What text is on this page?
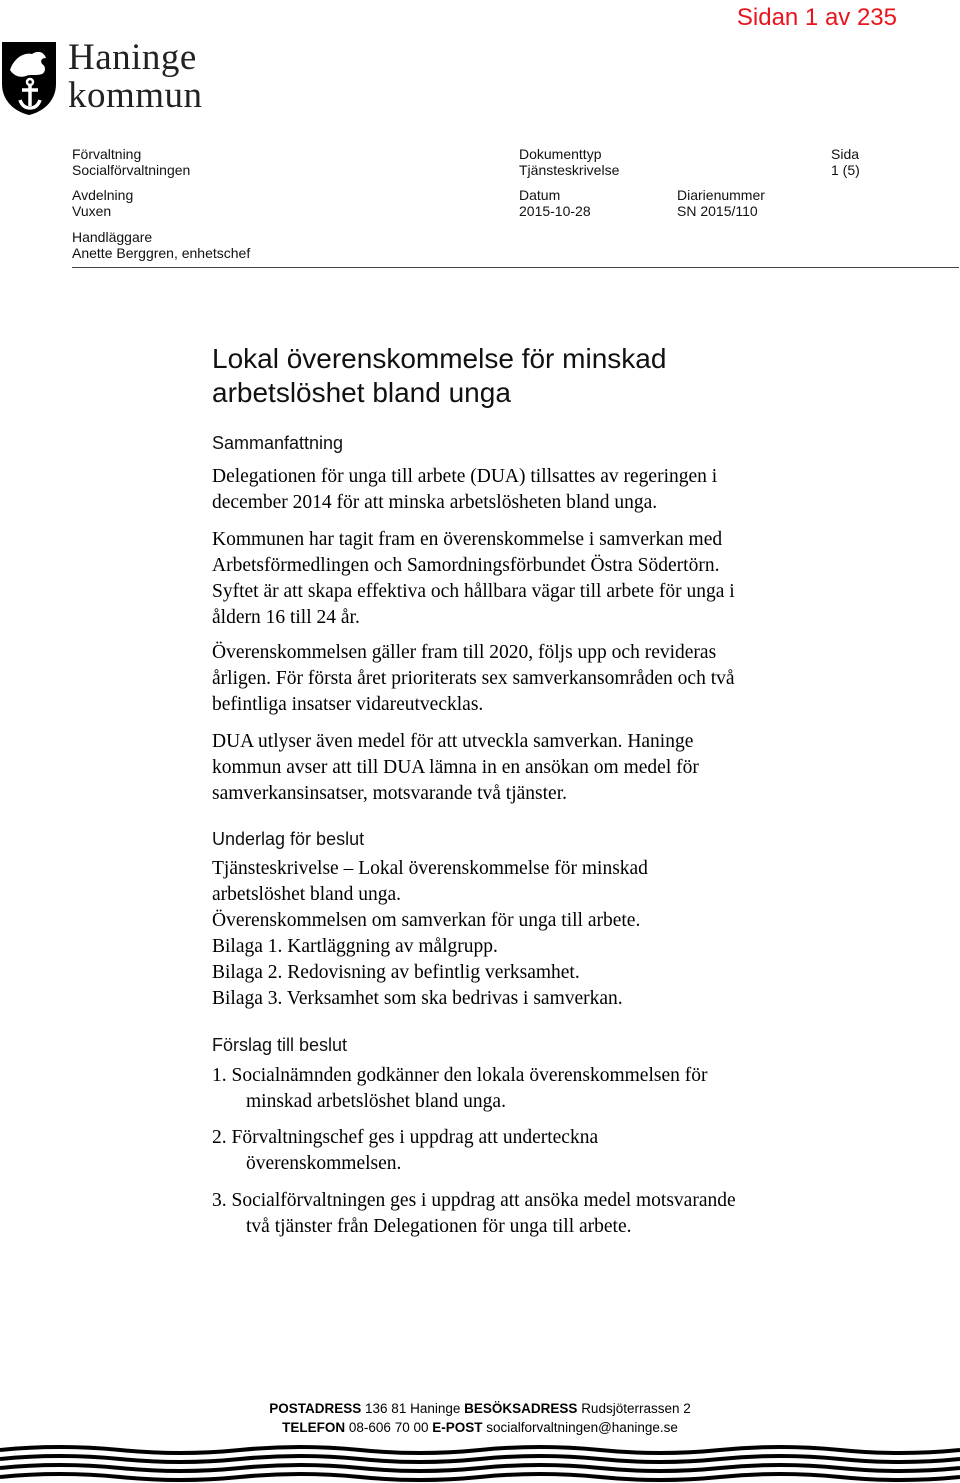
Sidan 1 av 235
Haninge
kommun
Förvaltning
Socialförvaltningen
Dokumenttyp
Tjänsteskrivelse
Sida
1 (5)
Avdelning
Vuxen
Datum
2015-10-28
Diarienummer
SN 2015/110
Handläggare
Anette Berggren, enhetschef
Lokal överenskommelse för minskad
arbetslöshet bland unga
Sammanfattning
Delegationen för unga till arbete (DUA) tillsattes av regeringen i
december 2014 för att minska arbetslösheten bland unga.
Kommunen har tagit fram en överenskommelse i samverkan med
Arbetsförmedlingen och Samordningsförbundet Östra Södertörn.
Syftet är att skapa effektiva och hållbara vägar till arbete för unga i
åldern 16 till 24 år.
Överenskommelsen gäller fram till 2020, följs upp och revideras
årligen. För första året prioriterats sex samverkansområden och två
befintliga insatser vidareutvecklas.
DUA utlyser även medel för att utveckla samverkan. Haninge
kommun avser att till DUA lämna in en ansökan om medel för
samverkansinsatser, motsvarande två tjänster.
Underlag för beslut
Tjänsteskrivelse – Lokal överenskommelse för minskad
arbetslöshet bland unga.
Överenskommelsen om samverkan för unga till arbete.
Bilaga 1. Kartläggning av målgrupp.
Bilaga 2. Redovisning av befintlig verksamhet.
Bilaga 3. Verksamhet som ska bedrivas i samverkan.
Förslag till beslut
1. Socialnämnden godkänner den lokala överenskommelsen för
minskad arbetslöshet bland unga.
2. Förvaltningschef ges i uppdrag att underteckna
överenskommelsen.
3. Socialförvaltningen ges i uppdrag att ansöka medel motsvarande
två tjänster från Delegationen för unga till arbete.
POSTADRESS 136 81 Haninge BESÖKSADRESS Rudsjöterrassen 2
TELEFON 08-606 70 00 E-POST socialforvaltningen@haninge.se
